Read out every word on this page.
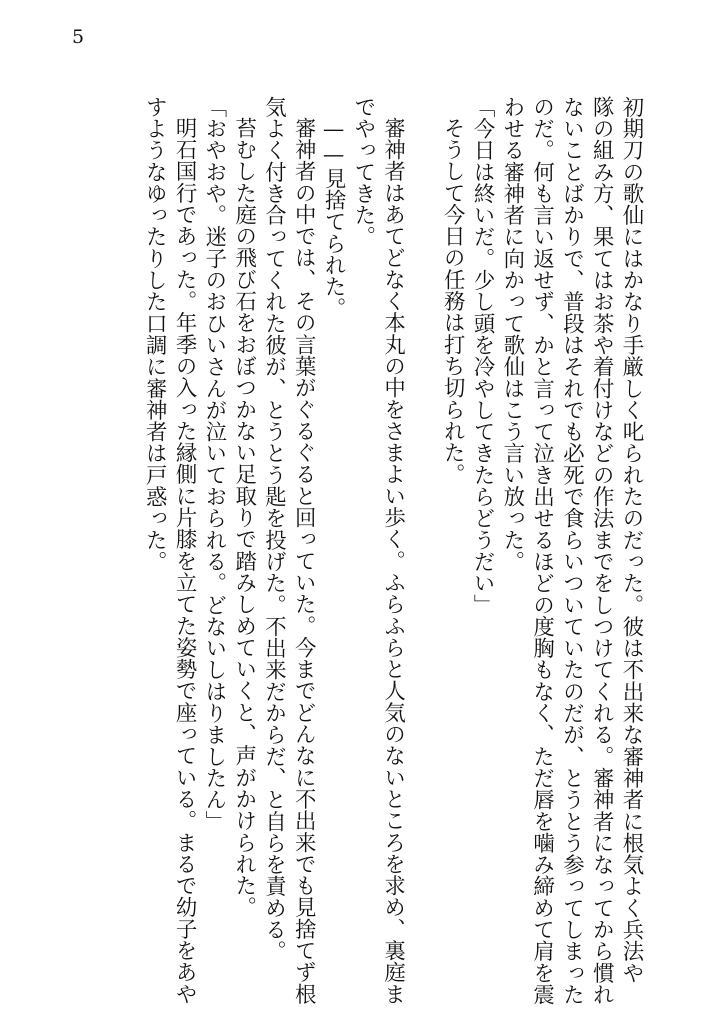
5
初期刀の歌仙にはかなり手厳しく叱られたのだった。彼は不出来な審神者に根気よく兵法や
隊の組み方、果てはお茶や着付けなどの作法までをしつけてくれる。審神者になってから慣れ
ないことばかりで、普段はそれでも必死で食らいついていたのだが、とうとう参ってしまった
のだ。何も言い返せず、かと言って泣き出せるほどの度胸もなく、ただ唇を噛み締めて肩を震
わせる審神者に向かって歌仙はこう言い放った。
「今日は終いだ。少し頭を冷やしてきたらどうだい」
そうして今日の任務は打ち切られた。
審神者はあてどなく本丸の中をさまよい歩く。ふらふらと人気のないところを求め、裏庭ま
でやってきた。
——見捨てられた。
審神者の中では、その言葉がぐるぐると回っていた。今までどんなに不出来でも見捨てず根
気よく付き合ってくれた彼が、とうとう匙を投げた。不出来だからだ、と自らを責める。
苔むした庭の飛び石をおぼつかない足取りで踏みしめていくと、声がかけられた。
「おやおや。迷子のおひいさんが泣いておられる。どないしはりましたん」
明石国行であった。年季の入った縁側に片膝を立てた姿勢で座っている。まるで幼子をあや
すようなゆったりした口調に審神者は戸惑った。
